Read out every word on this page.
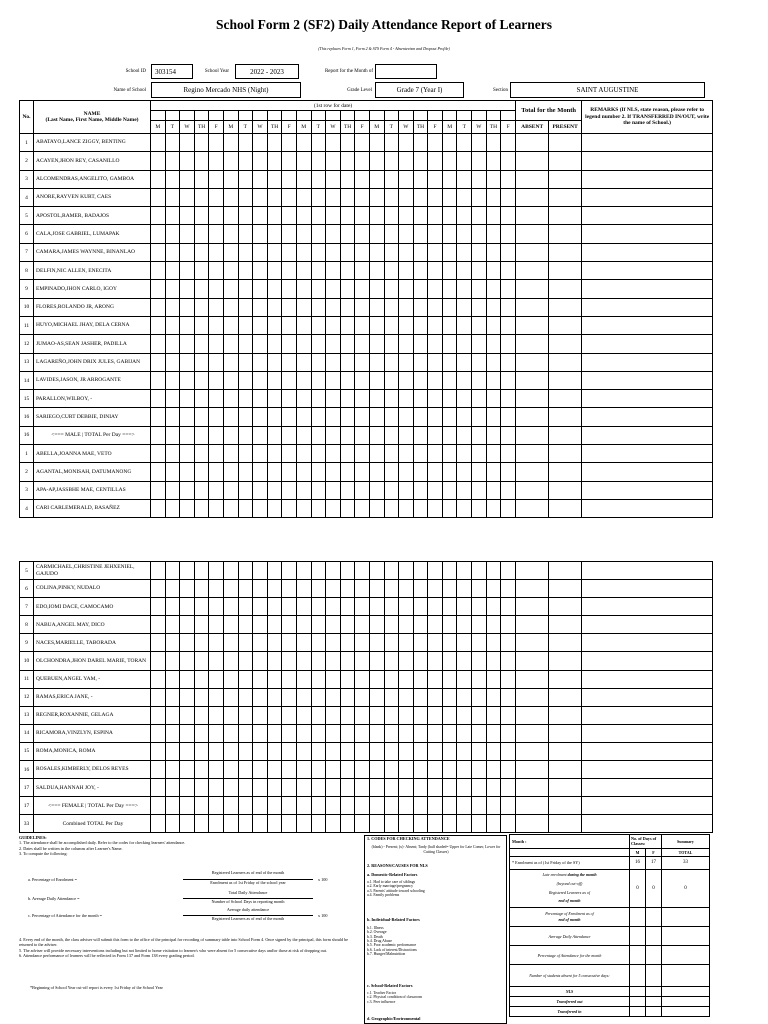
School Form 2 (SF2) Daily Attendance Report of Learners
(This replaces Form 1, Form 2 & STS Form 4 - Absenteeism and Dropout Profile)
School ID	303154	School Year	2022 - 2023	Report for the Month of
Name of School	Regino Mercado NHS (Night)	Grade Level	Grade 7 (Year I)	Section	SAINT AUGUSTINE
No.	NAME
(Last Name, First Name, Middle Name)	(1st row for date)																									Total for the Month		REMARKS (If NLS, state reason, please refer to legend number 2. If TRANSFERRED IN/OUT, write the name of School.)

		M	T	W	TH	F	M	T	W	TH	F	M	T	W	TH	F	M	T	W	TH	F	M	T	W	TH	F	ABSENT	PRESENT	
1	ABATAYO,LANCE ZIGGY, BENTING																												
2	ACAYEN,JHON REY, CASANILLO																												
3	ALCOMENDRAS,ANGELITO, GAMBOA																												
4	ANORE,RAYVEN KURT, CAES																												
5	APOSTOL,RAMER, BADAJOS																												
6	CALA,JOSE GABRIEL, LUMAPAK																												
7	CAMARA,JAMES WAYNNE, BINANLAO																												
8	DELFIN,NIC ALLEN, ENECITA																												
9	EMPINADO,JHON CARLO, IGOY																												
10	FLORES,ROLANDO JR, ARONG																												
11	HUYO,MICHAEL JHAY, DELA CERNA																												
12	JUMAO-AS,SEAN JASHER, PADILLA																												
13	LAGAREÑO,JOHN DRIX JULES, GABIJAN																												
14	LAVIDES,JASON, JR ARROGANTE																												
15	PARALLON,WILBOY, -																												
16	SARIEGO,CURT DEBBIE, DINIAY																												
16	<=== MALE | TOTAL Per Day ===>																												
1	ABELLA,JOANNA MAE, VETO																												
2	AGANTAL,MONISAH, DATUMANONG																												
3	APA-AP,JASSBHE MAE, CENTILLAS																												
4	CARI CARLEMERALD, BASAÑEZ																												
5	CARMICHAEL,CHRISTINE JEHXENIEL, GAJUDO																												
6	COLINA,PINKY, NUDALO																												
7	EDO,IOMI DACE, CAMOCAMO																												
8	NABUA,ANGEL MAY, DICO																												
9	NACES,MARIELLE, TABORADA																												
10	OLCHONDRA,JHON DAREL MARIE, TORAN																												
11	QUEBUEN,ANGEL YAM, -																												
12	RAMAS,ERICA JANE, -																												
13	REGNER,ROXANNIE, GELAGA																												
14	RICAMORA,VINZLYN, ESPINA																												
15	ROMA,MONICA, ROMA																												
16	ROSALES,KIMBERLY, DELOS REYES																												
17	SALDUA,HANNAH JOY, -																												
17	<=== FEMALE | TOTAL Per Day ===>																												
33	Combined TOTAL Per Day																												
GUIDELINES:
1. The attendance shall be accomplished daily. Refer to the codes for checking learners' attendance.
2. Dates shall be written in the columns after Learner's Name.
3. To compute the following:
a. Percentage of Enrolment =
Registered Learners as of end of the month
Enrolment as of 1st Friday of the school year
x 100
b. Average Daily Attendance =
Total Daily Attendance
Number of School Days in reporting month
c. Percentage of Attendance for the month =
Average daily attendance
Registered Learners as of end of the month
x 100
4. Every end of the month, the class adviser will submit this form to the office of the principal for recording of summary table into School Form 4. Once signed by the principal, this form should be returned to the adviser.
5. The adviser will provide necessary interventions including but not limited to home visitation to learner/s who were absent for 5 consecutive days and/or those at risk of dropping out.
6. Attendance performance of learners will be reflected in Form 137 and Form 138 every grading period.
*Beginning of School Year cut-off report is every 1st Friday of the School Year
1. CODES FOR CHECKING ATTENDANCE
(blank) - Present; (x)- Absent; Tardy (half shaded= Upper for Late Comer, Lower for Cutting Classes)
2. REASONS/CAUSES FOR NLS
a. Domestic-Related Factors
a.1. Had to take care of siblings
a.2. Early marriage/pregnancy
a.3. Parents' attitude toward schooling
a.4. Family problems
b. Individual-Related Factors
b.1. Illness
b.2. Overage
b.3. Death
b.4. Drug Abuse
b.5. Poor academic performance
b.6. Lack of interest/Distractions
b.7. Hunger/Malnutrition
c. School-Related Factors
c.1. Teacher Factor
c.2. Physical condition of classroom
c.3. Peer influence
d. Geographic/Environmental
Month :	No. of Days of Classes:		Summary
	M	F	TOTAL
* Enrolment as of (1st Friday of the SY)	16	17	33

Late enrolment during the month
(beyond cut-off)
Registered Learners as of
end of month	0	0	0

Percentage of Enrolment as of
end of month			

Average Daily Attendance			
Percentage of Attendance for the month			
Number of students absent for 5 consecutive days:			
NLS			
Transferred out			
Transferred in			
